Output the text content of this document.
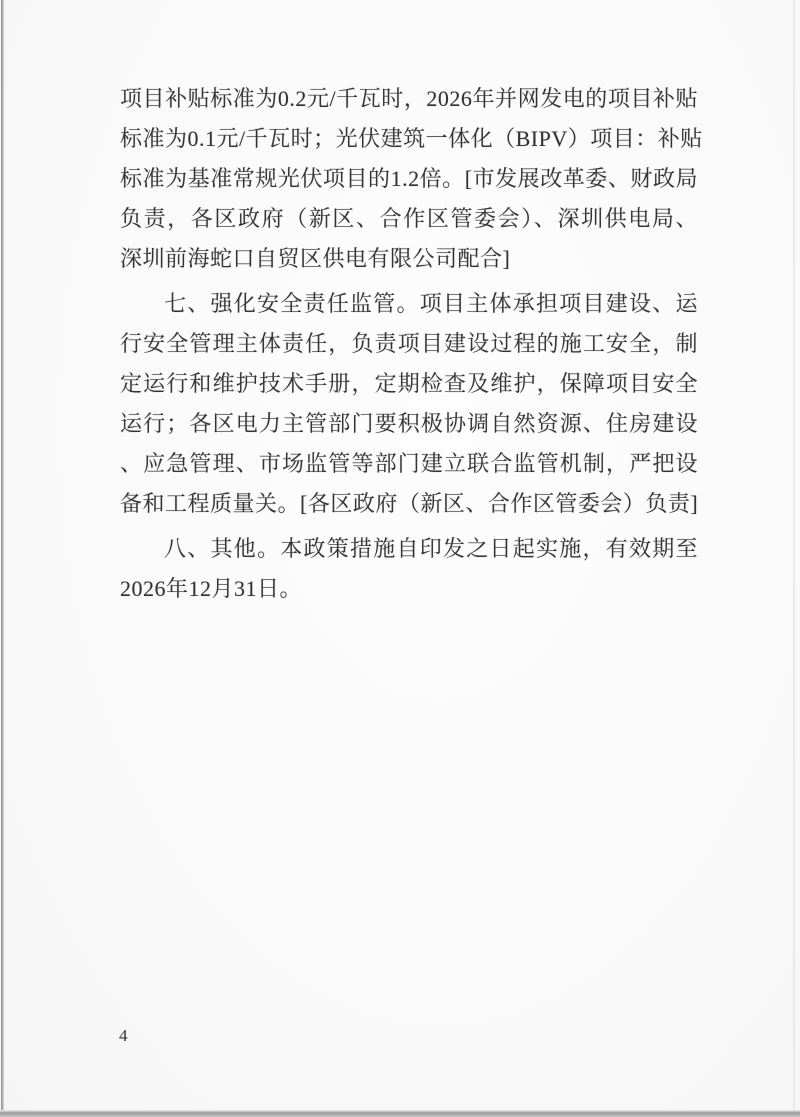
项目补贴标准为0.2元/千瓦时，2026年并网发电的项目补贴
标准为0.1元/千瓦时；光伏建筑一体化（BIPV）项目：补贴
标准为基准常规光伏项目的1.2倍。[市发展改革委、财政局
负责，各区政府（新区、合作区管委会）、深圳供电局、
深圳前海蛇口自贸区供电有限公司配合]
七、强化安全责任监管。项目主体承担项目建设、运
行安全管理主体责任，负责项目建设过程的施工安全，制
定运行和维护技术手册，定期检查及维护，保障项目安全
运行；各区电力主管部门要积极协调自然资源、住房建设
、应急管理、市场监管等部门建立联合监管机制，严把设
备和工程质量关。[各区政府（新区、合作区管委会）负责]
八、其他。本政策措施自印发之日起实施，有效期至
2026年12月31日。
4
